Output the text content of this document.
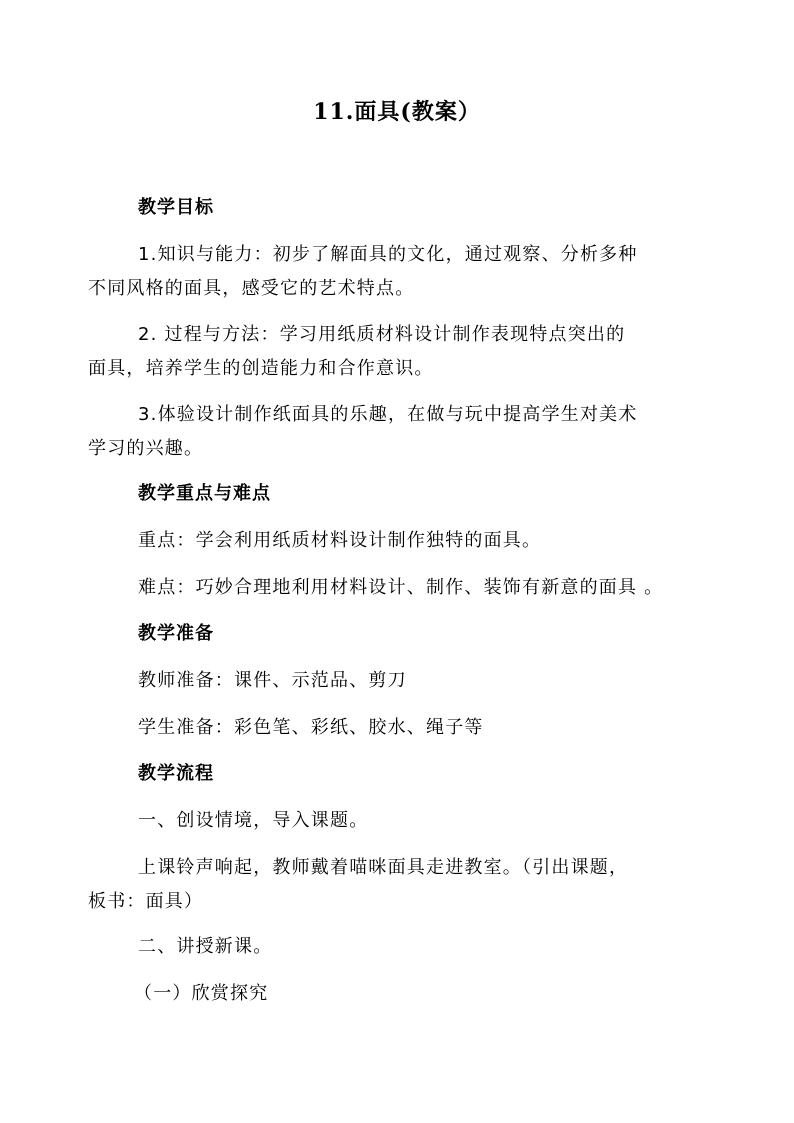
11.面具(教案）

教学目标

1.知识与能力：初步了解面具的文化，通过观察、分析多种

不同风格的面具，感受它的艺术特点。

2. 过程与方法：学习用纸质材料设计制作表现特点突出的

面具，培养学生的创造能力和合作意识。

3.体验设计制作纸面具的乐趣，在做与玩中提高学生对美术

学习的兴趣。

教学重点与难点

重点：学会利用纸质材料设计制作独特的面具。

难点：巧妙合理地利用材料设计、制作、装饰有新意的面具 。

教学准备

教师准备：课件、示范品、剪刀

学生准备：彩色笔、彩纸、胶水、绳子等

教学流程

一、创设情境，导入课题。

上课铃声响起，教师戴着喵咪面具走进教室。（引出课题，

板书：面具）

二、讲授新课。

（一）欣赏探究
